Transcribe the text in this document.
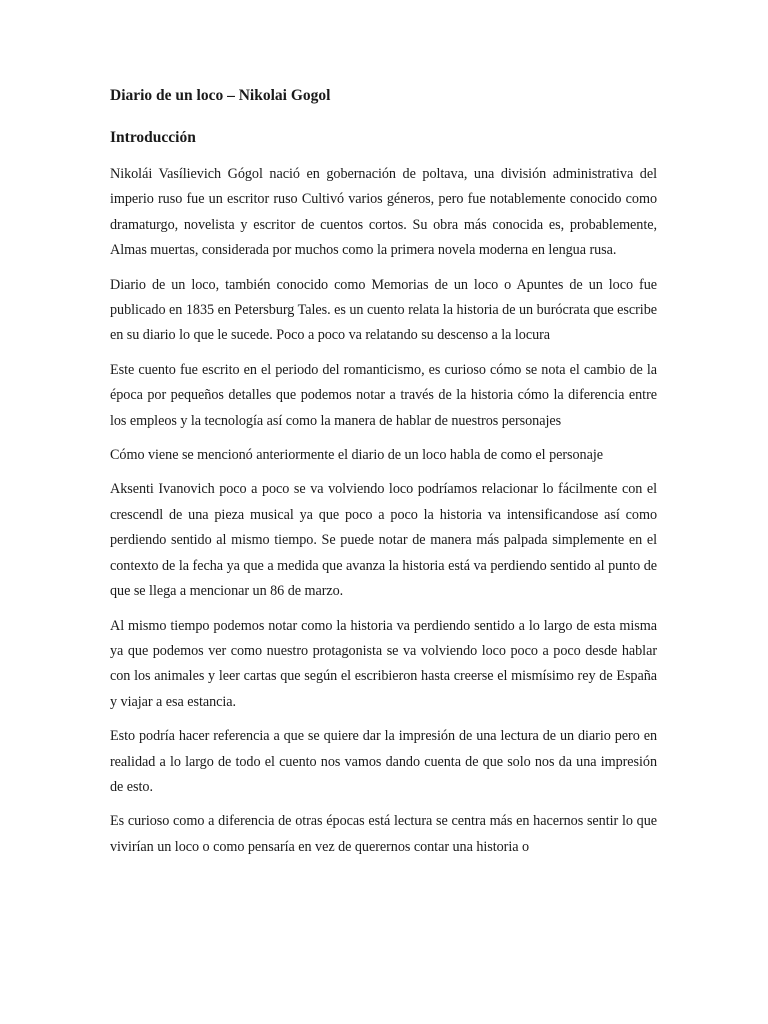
Diario de un loco – Nikolai Gogol
Introducción

Nikolái Vasílievich Gógol nació en gobernación de poltava, una división administrativa del imperio ruso fue un escritor ruso Cultivó varios géneros, pero fue notablemente conocido como dramaturgo, novelista y escritor de cuentos cortos. Su obra más conocida es, probablemente, Almas muertas, considerada por muchos como la primera novela moderna en lengua rusa.

Diario de un loco, también conocido como Memorias de un loco o Apuntes de un loco fue publicado en 1835 en Petersburg Tales. es un cuento relata la historia de un burócrata que escribe en su diario lo que le sucede. Poco a poco va relatando su descenso a la locura

Este cuento fue escrito en el periodo del romanticismo, es curioso cómo se nota el cambio de la época por pequeños detalles que podemos notar a través de la historia cómo la diferencia entre los empleos y la tecnología así como la manera de hablar de nuestros personajes

Cómo viene se mencionó anteriormente el diario de un loco habla de como el personaje

Aksenti Ivanovich poco a poco se va volviendo loco podríamos relacionar lo fácilmente con el crescendl de una pieza musical ya que poco a poco la historia va intensificandose así como perdiendo sentido al mismo tiempo. Se puede notar de manera más palpada simplemente en el contexto de la fecha ya que a medida que avanza la historia está va perdiendo sentido al punto de que se llega a mencionar un 86 de marzo.

Al mismo tiempo podemos notar como la historia va perdiendo sentido a lo largo de esta misma ya que podemos ver como nuestro protagonista se va volviendo loco poco a poco desde hablar con los animales y leer cartas que según el escribieron hasta creerse el mismísimo rey de España y viajar a esa estancia.

Esto podría hacer referencia a que se quiere dar la impresión de una lectura de un diario pero en realidad a lo largo de todo el cuento nos vamos dando cuenta de que solo nos da una impresión de esto.

Es curioso como a diferencia de otras épocas está lectura se centra más en hacernos sentir lo que vivirían un loco o como pensaría en vez de querernos contar una historia o
